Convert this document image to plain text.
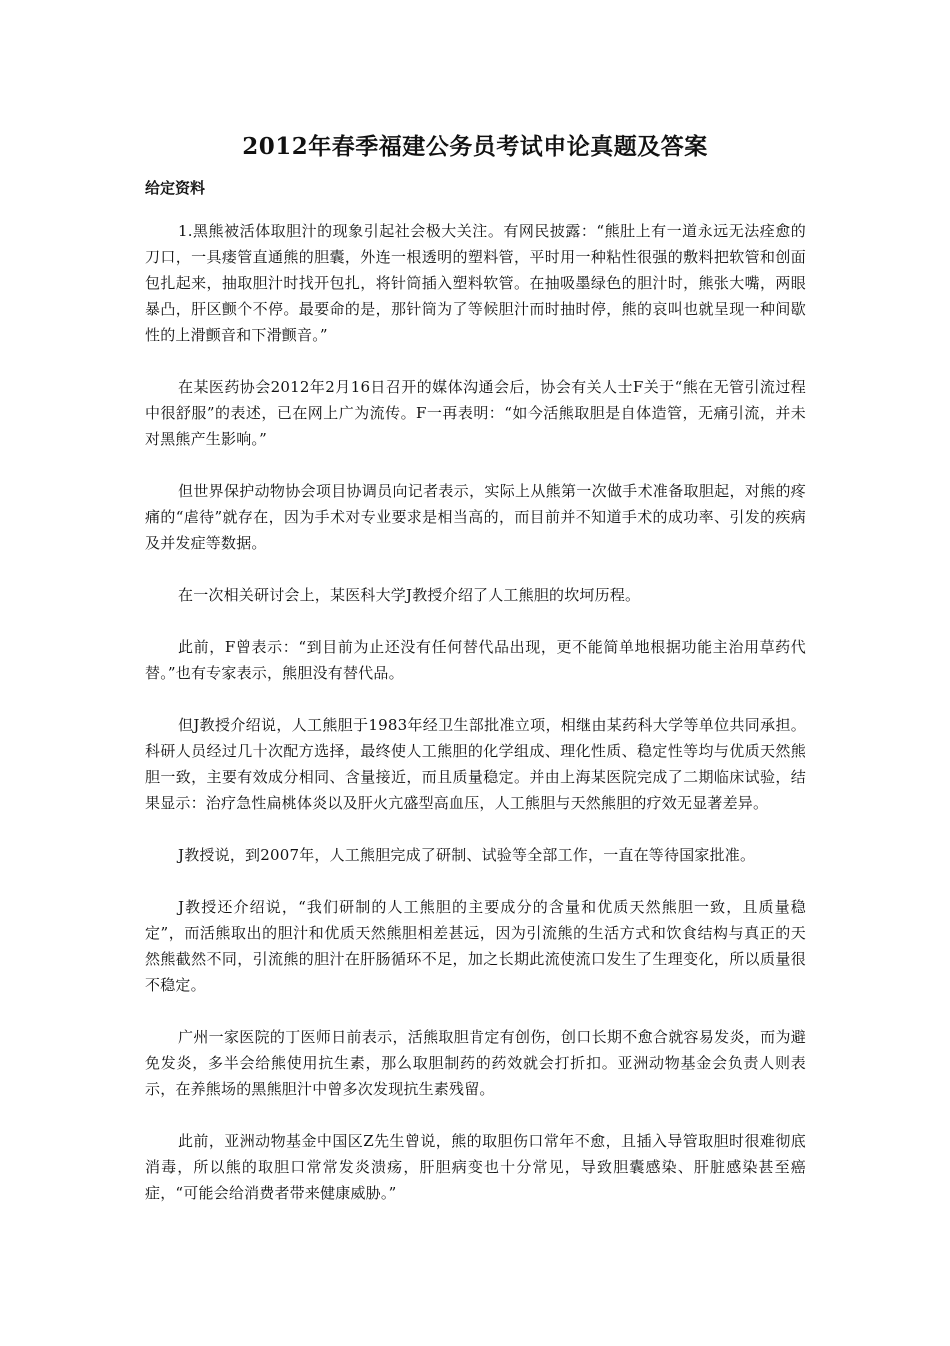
2012年春季福建公务员考试申论真题及答案
给定资料

1.黑熊被活体取胆汁的现象引起社会极大关注。有网民披露：“熊肚上有一道永远无法痊愈的刀口，一具瘘管直通熊的胆囊，外连一根透明的塑料管，平时用一种粘性很强的敷料把软管和创面包扎起来，抽取胆汁时找开包扎，将针筒插入塑料软管。在抽吸墨绿色的胆汁时，熊张大嘴，两眼暴凸，肝区颤个不停。最要命的是，那针筒为了等候胆汁而时抽时停，熊的哀叫也就呈现一种间歇性的上滑颤音和下滑颤音。”

在某医药协会2012年2月16日召开的媒体沟通会后，协会有关人士F关于“熊在无管引流过程中很舒服”的表述，已在网上广为流传。F一再表明：“如今活熊取胆是自体造管，无痛引流，并未对黑熊产生影响。”

但世界保护动物协会项目协调员向记者表示，实际上从熊第一次做手术准备取胆起，对熊的疼痛的“虐待”就存在，因为手术对专业要求是相当高的，而目前并不知道手术的成功率、引发的疾病及并发症等数据。

在一次相关研讨会上，某医科大学J教授介绍了人工熊胆的坎坷历程。

此前，F曾表示：“到目前为止还没有任何替代品出现，更不能简单地根据功能主治用草药代替。”也有专家表示，熊胆没有替代品。

但J教授介绍说，人工熊胆于1983年经卫生部批准立项，相继由某药科大学等单位共同承担。科研人员经过几十次配方选择，最终使人工熊胆的化学组成、理化性质、稳定性等均与优质天然熊胆一致，主要有效成分相同、含量接近，而且质量稳定。并由上海某医院完成了二期临床试验，结果显示：治疗急性扁桃体炎以及肝火亢盛型高血压，人工熊胆与天然熊胆的疗效无显著差异。

J教授说，到2007年，人工熊胆完成了研制、试验等全部工作，一直在等待国家批准。

J教授还介绍说，“我们研制的人工熊胆的主要成分的含量和优质天然熊胆一致，且质量稳定”，而活熊取出的胆汁和优质天然熊胆相差甚远，因为引流熊的生活方式和饮食结构与真正的天然熊截然不同，引流熊的胆汁在肝肠循环不足，加之长期此流使流口发生了生理变化，所以质量很不稳定。

广州一家医院的丁医师日前表示，活熊取胆肯定有创伤，创口长期不愈合就容易发炎，而为避免发炎，多半会给熊使用抗生素，那么取胆制药的药效就会打折扣。亚洲动物基金会负责人则表示，在养熊场的黑熊胆汁中曾多次发现抗生素残留。

此前，亚洲动物基金中国区Z先生曾说，熊的取胆伤口常年不愈，且插入导管取胆时很难彻底消毒，所以熊的取胆口常常发炎溃疡，肝胆病变也十分常见，导致胆囊感染、肝脏感染甚至癌症，“可能会给消费者带来健康威胁。”
